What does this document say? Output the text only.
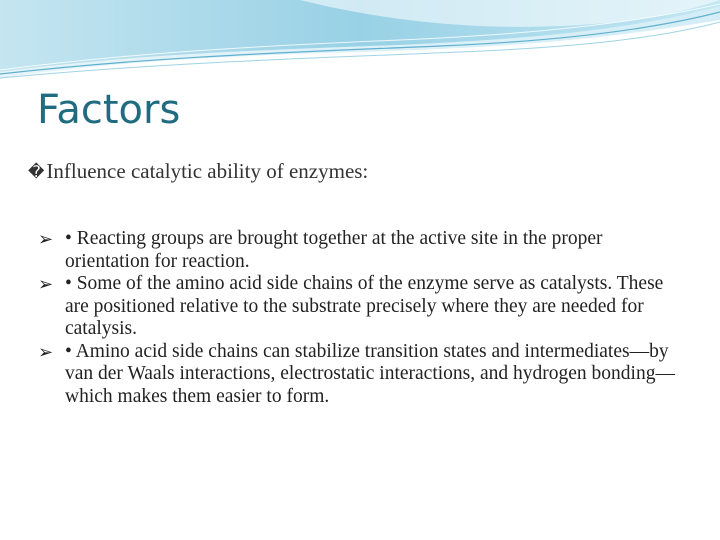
Factors

�Influence catalytic ability of enzymes:

➢ • Reacting groups are brought together at the active site in the proper orientation for reaction.
➢ • Some of the amino acid side chains of the enzyme serve as catalysts. These are positioned relative to the substrate precisely where they are needed for catalysis.
➢ • Amino acid side chains can stabilize transition states and intermediates—by van der Waals interactions, electrostatic interactions, and hydrogen bonding—which makes them easier to form.
